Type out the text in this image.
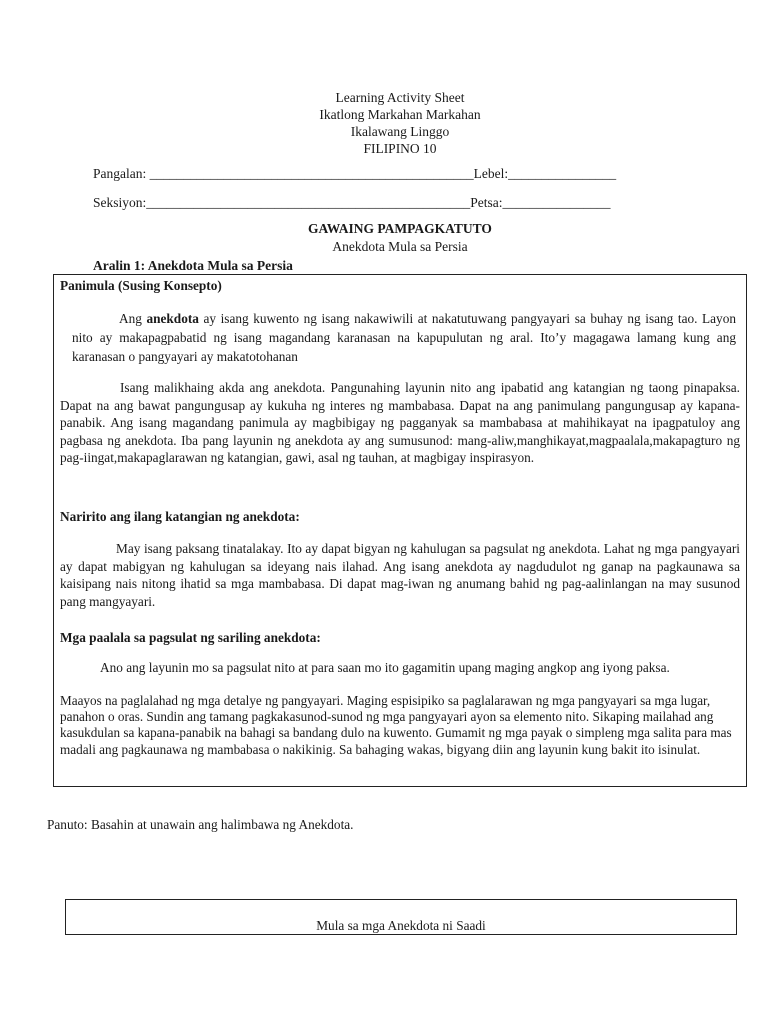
Learning Activity Sheet
Ikatlong Markahan Markahan
Ikalawang Linggo
FILIPINO 10
Pangalan: ________________________________________________Lebel:________________
Seksiyon:________________________________________________Petsa:________________
GAWAING PAMPAGKATUTO
Anekdota Mula sa Persia
Aralin 1: Anekdota Mula sa Persia
Panimula (Susing Konsepto)
Ang anekdota ay isang kuwento ng isang nakawiwili at nakatutuwang pangyayari sa buhay ng isang tao. Layon nito ay makapagpabatid ng isang magandang karanasan na kapupulutan ng aral. Ito’y magagawa lamang kung ang karanasan o pangyayari ay makatotohanan
Isang malikhaing akda ang anekdota. Pangunahing layunin nito ang ipabatid ang katangian ng taong pinapaksa. Dapat na ang bawat pangungusap ay kukuha ng interes ng mambabasa. Dapat na ang panimulang pangungusap ay kapana-panabik. Ang isang magandang panimula ay magbibigay ng pagganyak sa mambabasa at mahihikayat na ipagpatuloy ang pagbasa ng anekdota. Iba pang layunin ng anekdota ay ang sumusunod: mang-aliw,manghikayat,magpaalala,makapagturo ng pag-iingat,makapaglarawan ng katangian, gawi, asal ng tauhan, at magbigay inspirasyon.
Naririto ang ilang katangian ng anekdota:
May isang paksang tinatalakay. Ito ay dapat bigyan ng kahulugan sa pagsulat ng anekdota. Lahat ng mga pangyayari ay dapat mabigyan ng kahulugan sa ideyang nais ilahad. Ang isang anekdota ay nagdudulot ng ganap na pagkaunawa sa kaisipang nais nitong ihatid sa mga mambabasa. Di dapat mag-iwan ng anumang bahid ng pag-aalinlangan na may susunod pang mangyayari.
Mga paalala sa pagsulat ng sariling anekdota:
Ano ang layunin mo sa pagsulat nito at para saan mo ito gagamitin upang maging angkop ang iyong paksa.
Maayos na paglalahad ng mga detalye ng pangyayari. Maging espisipiko sa paglalarawan ng mga pangyayari sa mga lugar, panahon o oras. Sundin ang tamang pagkakasunod-sunod ng mga pangyayari ayon sa elemento nito. Sikaping mailahad ang kasukdulan sa kapana-panabik na bahagi sa bandang dulo na kuwento. Gumamit ng mga payak o simpleng mga salita para mas madali ang pagkaunawa ng mambabasa o nakikinig. Sa bahaging wakas, bigyang diin ang layunin kung bakit ito isinulat.
Panuto: Basahin at unawain ang halimbawa ng Anekdota.
Mula sa mga Anekdota ni Saadi
